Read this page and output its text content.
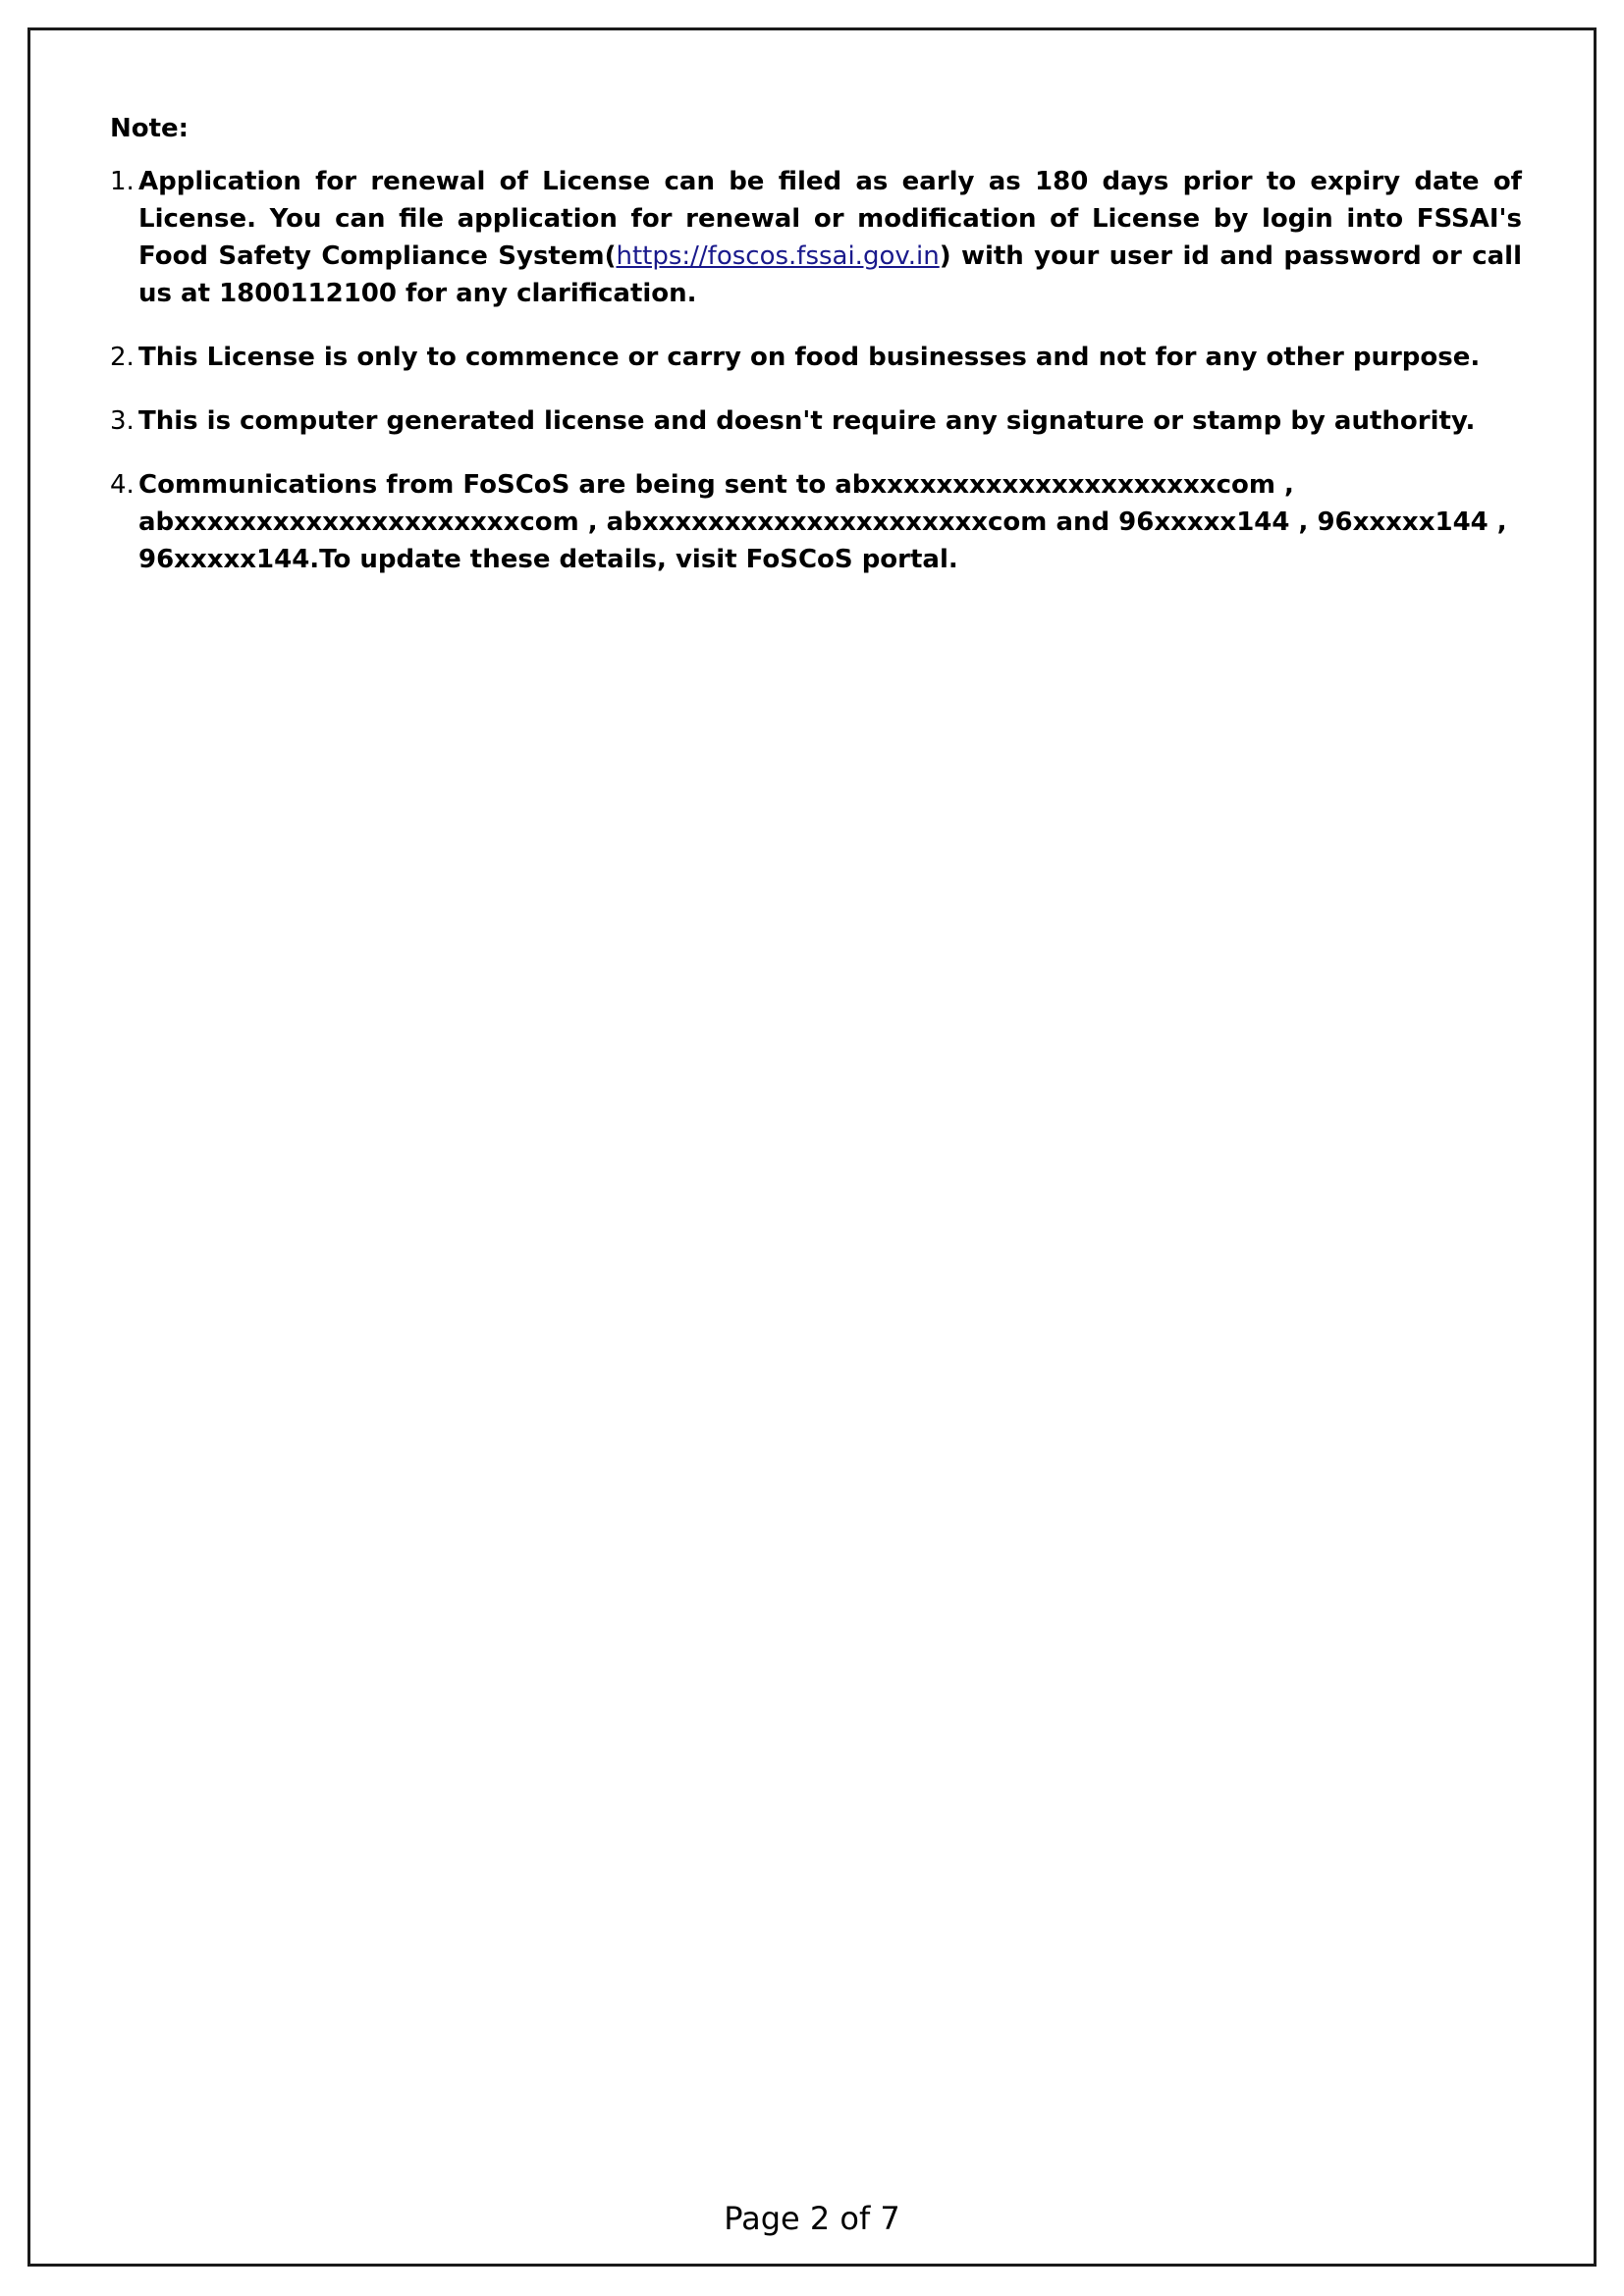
Note:
1. Application for renewal of License can be filed as early as 180 days prior to expiry date of License. You can file application for renewal or modification of License by login into FSSAI's Food Safety Compliance System(https://foscos.fssai.gov.in) with your user id and password or call us at 1800112100 for any clarification.
2. This License is only to commence or carry on food businesses and not for any other purpose.
3. This is computer generated license and doesn't require any signature or stamp by authority.
4. Communications from FoSCoS are being sent to abxxxxxxxxxxxxxxxxxxxxxcom , abxxxxxxxxxxxxxxxxxxxxxcom , abxxxxxxxxxxxxxxxxxxxxxcom and 96xxxxx144 , 96xxxxx144 , 96xxxxx144.To update these details, visit FoSCoS portal.
Page 2 of 7
